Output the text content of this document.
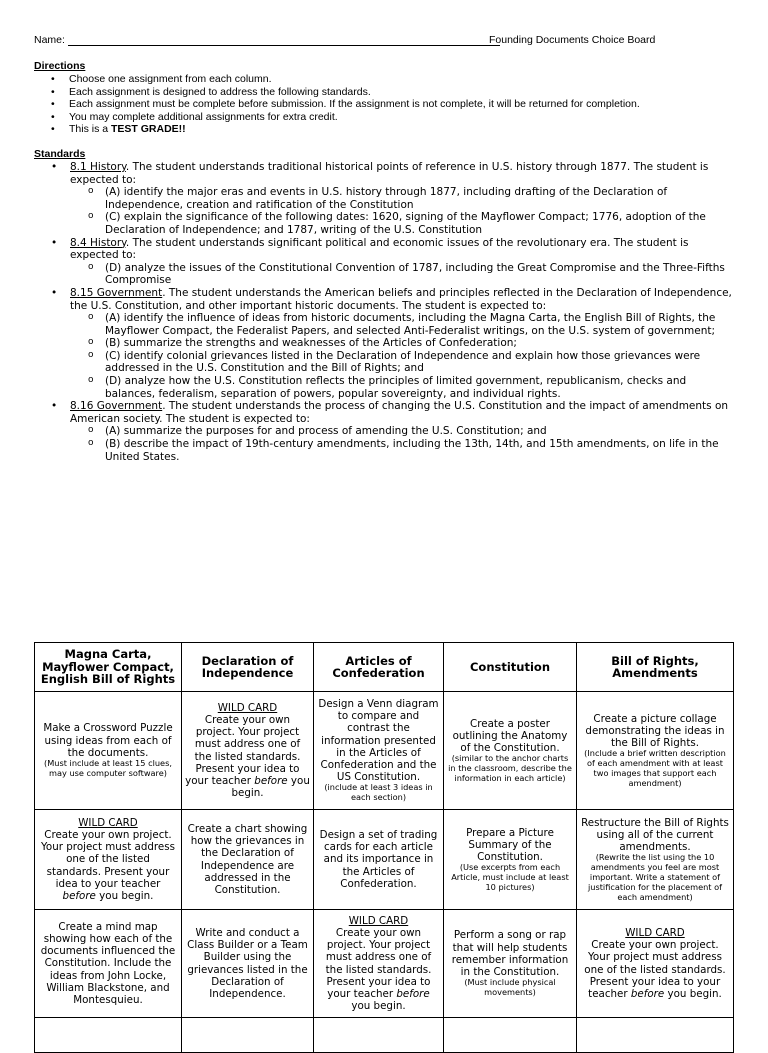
Name:	Founding Documents Choice Board
Directions
• Choose one assignment from each column.
• Each assignment is designed to address the following standards.
• Each assignment must be complete before submission. If the assignment is not complete, it will be returned for completion.
• You may complete additional assignments for extra credit.
• This is a TEST GRADE!!
Standards
• 8.1 History. The student understands traditional historical points of reference in U.S. history through 1877. The student is expected to:
o (A) identify the major eras and events in U.S. history through 1877, including drafting of the Declaration of Independence, creation and ratification of the Constitution
o (C) explain the significance of the following dates: 1620, signing of the Mayflower Compact; 1776, adoption of the Declaration of Independence; and 1787, writing of the U.S. Constitution
• 8.4 History. The student understands significant political and economic issues of the revolutionary era. The student is expected to:
o (D) analyze the issues of the Constitutional Convention of 1787, including the Great Compromise and the Three-Fifths Compromise
• 8.15 Government. The student understands the American beliefs and principles reflected in the Declaration of Independence, the U.S. Constitution, and other important historic documents. The student is expected to:
o (A) identify the influence of ideas from historic documents, including the Magna Carta, the English Bill of Rights, the Mayflower Compact, the Federalist Papers, and selected Anti-Federalist writings, on the U.S. system of government;
o (B) summarize the strengths and weaknesses of the Articles of Confederation;
o (C) identify colonial grievances listed in the Declaration of Independence and explain how those grievances were addressed in the U.S. Constitution and the Bill of Rights; and
o (D) analyze how the U.S. Constitution reflects the principles of limited government, republicanism, checks and balances, federalism, separation of powers, popular sovereignty, and individual rights.
• 8.16 Government. The student understands the process of changing the U.S. Constitution and the impact of amendments on American society. The student is expected to:
o (A) summarize the purposes for and process of amending the U.S. Constitution; and
o (B) describe the impact of 19th-century amendments, including the 13th, 14th, and 15th amendments, on life in the United States.
Magna Carta, Mayflower Compact, English Bill of Rights	Declaration of Independence	Articles of Confederation	Constitution	Bill of Rights, Amendments
Make a Crossword Puzzle using ideas from each of the documents.
(Must include at least 15 clues, may use computer software)	WILD CARD
Create your own project. Your project must address one of the listed standards. Present your idea to your teacher before you begin.	Design a Venn diagram to compare and contrast the information presented in the Articles of Confederation and the US Constitution.
(include at least 3 ideas in each section)	Create a poster outlining the Anatomy of the Constitution.
(similar to the anchor charts in the classroom, describe the information in each article)	Create a picture collage demonstrating the ideas in the Bill of Rights.
(Include a brief written description of each amendment with at least two images that support each amendment)

WILD CARD
Create your own project. Your project must address one of the listed standards. Present your idea to your teacher before you begin.	Create a chart showing how the grievances in the Declaration of Independence are addressed in the Constitution.	Design a set of trading cards for each article and its importance in the Articles of Confederation.	Prepare a Picture Summary of the Constitution.
(Use excerpts from each Article, must include at least 10 pictures)	Restructure the Bill of Rights using all of the current amendments.
(Rewrite the list using the 10 amendments you feel are most important. Write a statement of justification for the placement of each amendment)

Create a mind map showing how each of the documents influenced the Constitution. Include the ideas from John Locke, William Blackstone, and Montesquieu.	Write and conduct a Class Builder or a Team Builder using the grievances listed in the Declaration of Independence.	WILD CARD
Create your own project. Your project must address one of the listed standards. Present your idea to your teacher before you begin.	Perform a song or rap that will help students remember information in the Constitution.
(Must include physical movements)	WILD CARD
Create your own project. Your project must address one of the listed standards. Present your idea to your teacher before you begin.
